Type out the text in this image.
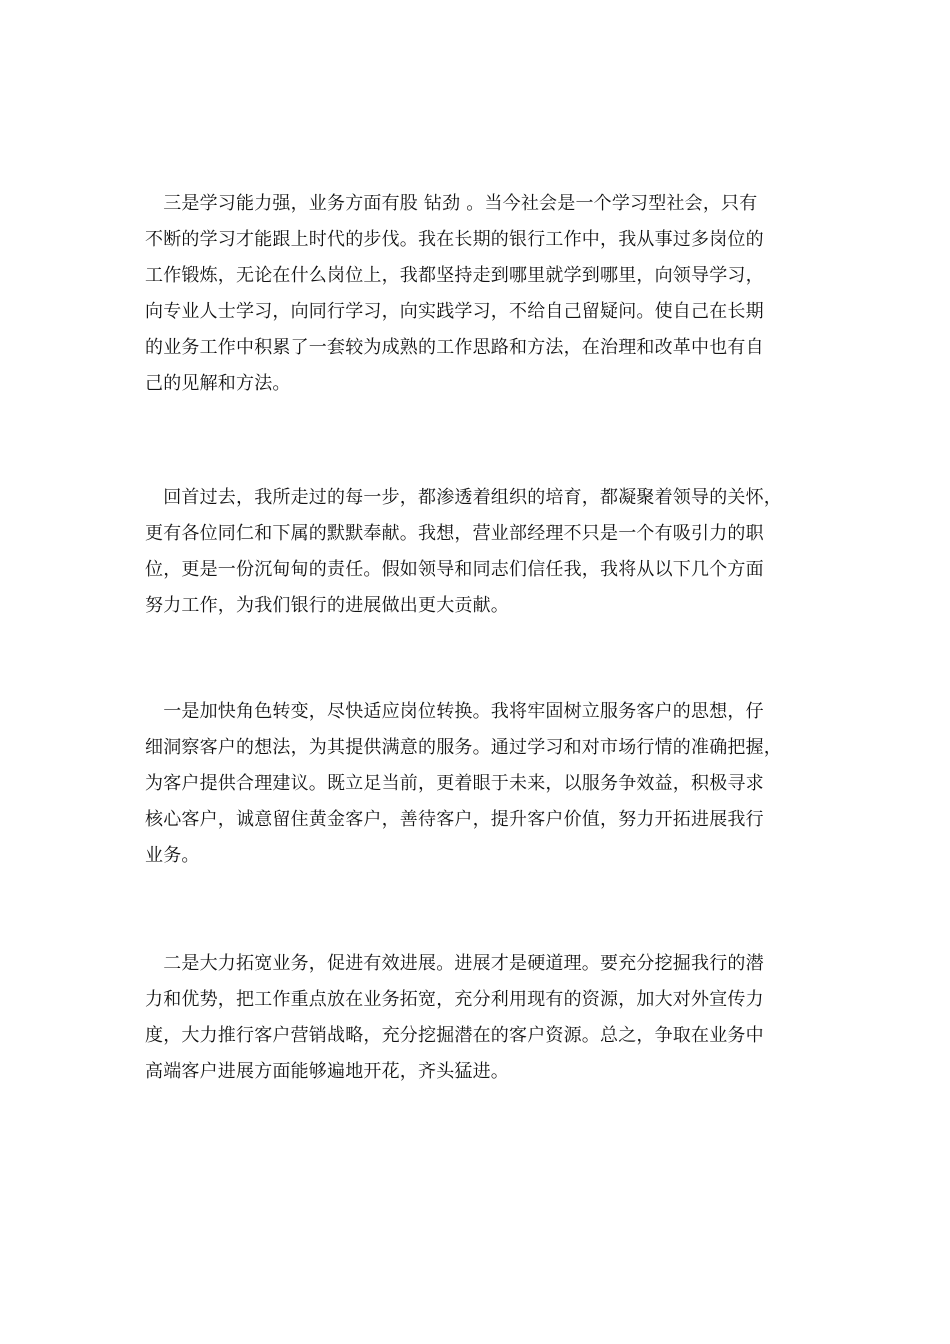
　三是学习能力强，业务方面有股 钻劲 。当今社会是一个学习型社会，只有
不断的学习才能跟上时代的步伐。我在长期的银行工作中，我从事过多岗位的
工作锻炼，无论在什么岗位上，我都坚持走到哪里就学到哪里，向领导学习，
向专业人士学习，向同行学习，向实践学习，不给自己留疑问。使自己在长期
的业务工作中积累了一套较为成熟的工作思路和方法，在治理和改革中也有自
己的见解和方法。
　回首过去，我所走过的每一步，都渗透着组织的培育，都凝聚着领导的关怀，
更有各位同仁和下属的默默奉献。我想，营业部经理不只是一个有吸引力的职
位，更是一份沉甸甸的责任。假如领导和同志们信任我，我将从以下几个方面
努力工作，为我们银行的进展做出更大贡献。
　一是加快角色转变，尽快适应岗位转换。我将牢固树立服务客户的思想，仔
细洞察客户的想法，为其提供满意的服务。通过学习和对市场行情的准确把握，
为客户提供合理建议。既立足当前，更着眼于未来，以服务争效益，积极寻求
核心客户，诚意留住黄金客户，善待客户，提升客户价值，努力开拓进展我行
业务。
　二是大力拓宽业务，促进有效进展。进展才是硬道理。要充分挖掘我行的潜
力和优势，把工作重点放在业务拓宽，充分利用现有的资源，加大对外宣传力
度，大力推行客户营销战略，充分挖掘潜在的客户资源。总之，争取在业务中
高端客户进展方面能够遍地开花，齐头猛进。
